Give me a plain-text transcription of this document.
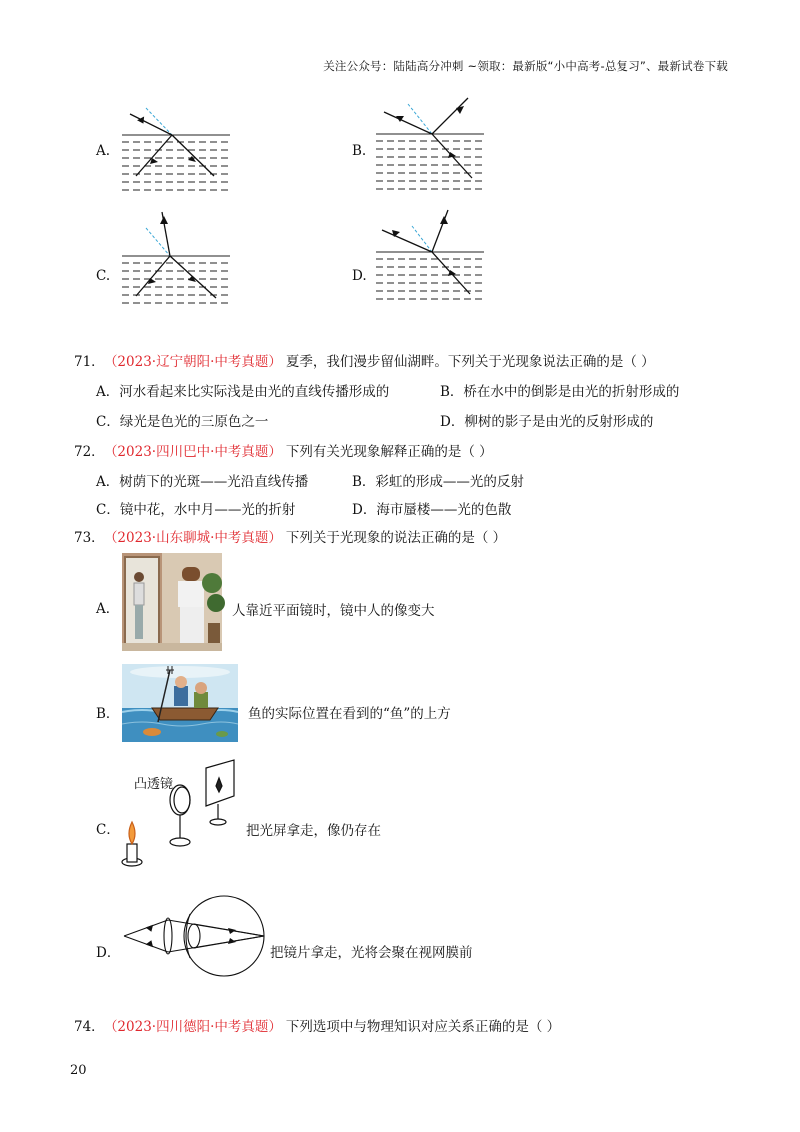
关注公众号：陆陆高分冲刺 ~领取：最新版“小中高考-总复习”、最新试卷下载
A.	B.
C.	D.
71． （2023·辽宁朝阳·中考真题） 夏季，我们漫步留仙湖畔。下列关于光现象说法正确的是（ ）
A．河水看起来比实际浅是由光的直线传播形成的	B．桥在水中的倒影是由光的折射形成的
C．绿光是色光的三原色之一	D．柳树的影子是由光的反射形成的
72． （2023·四川巴中·中考真题） 下列有关光现象解释正确的是（ ）
A．树荫下的光斑——光沿直线传播	B．彩虹的形成——光的反射
C．镜中花，水中月——光的折射	D．海市蜃楼——光的色散
73． （2023·山东聊城·中考真题） 下列关于光现象的说法正确的是（ ）
A．	人靠近平面镜时，镜中人的像变大
B．	鱼的实际位置在看到的“鱼”的上方
C．
凸透镜
把光屏拿走，像仍存在
D．	把镜片拿走，光将会聚在视网膜前
74． （2023·四川德阳·中考真题） 下列选项中与物理知识对应关系正确的是（ ）
20
